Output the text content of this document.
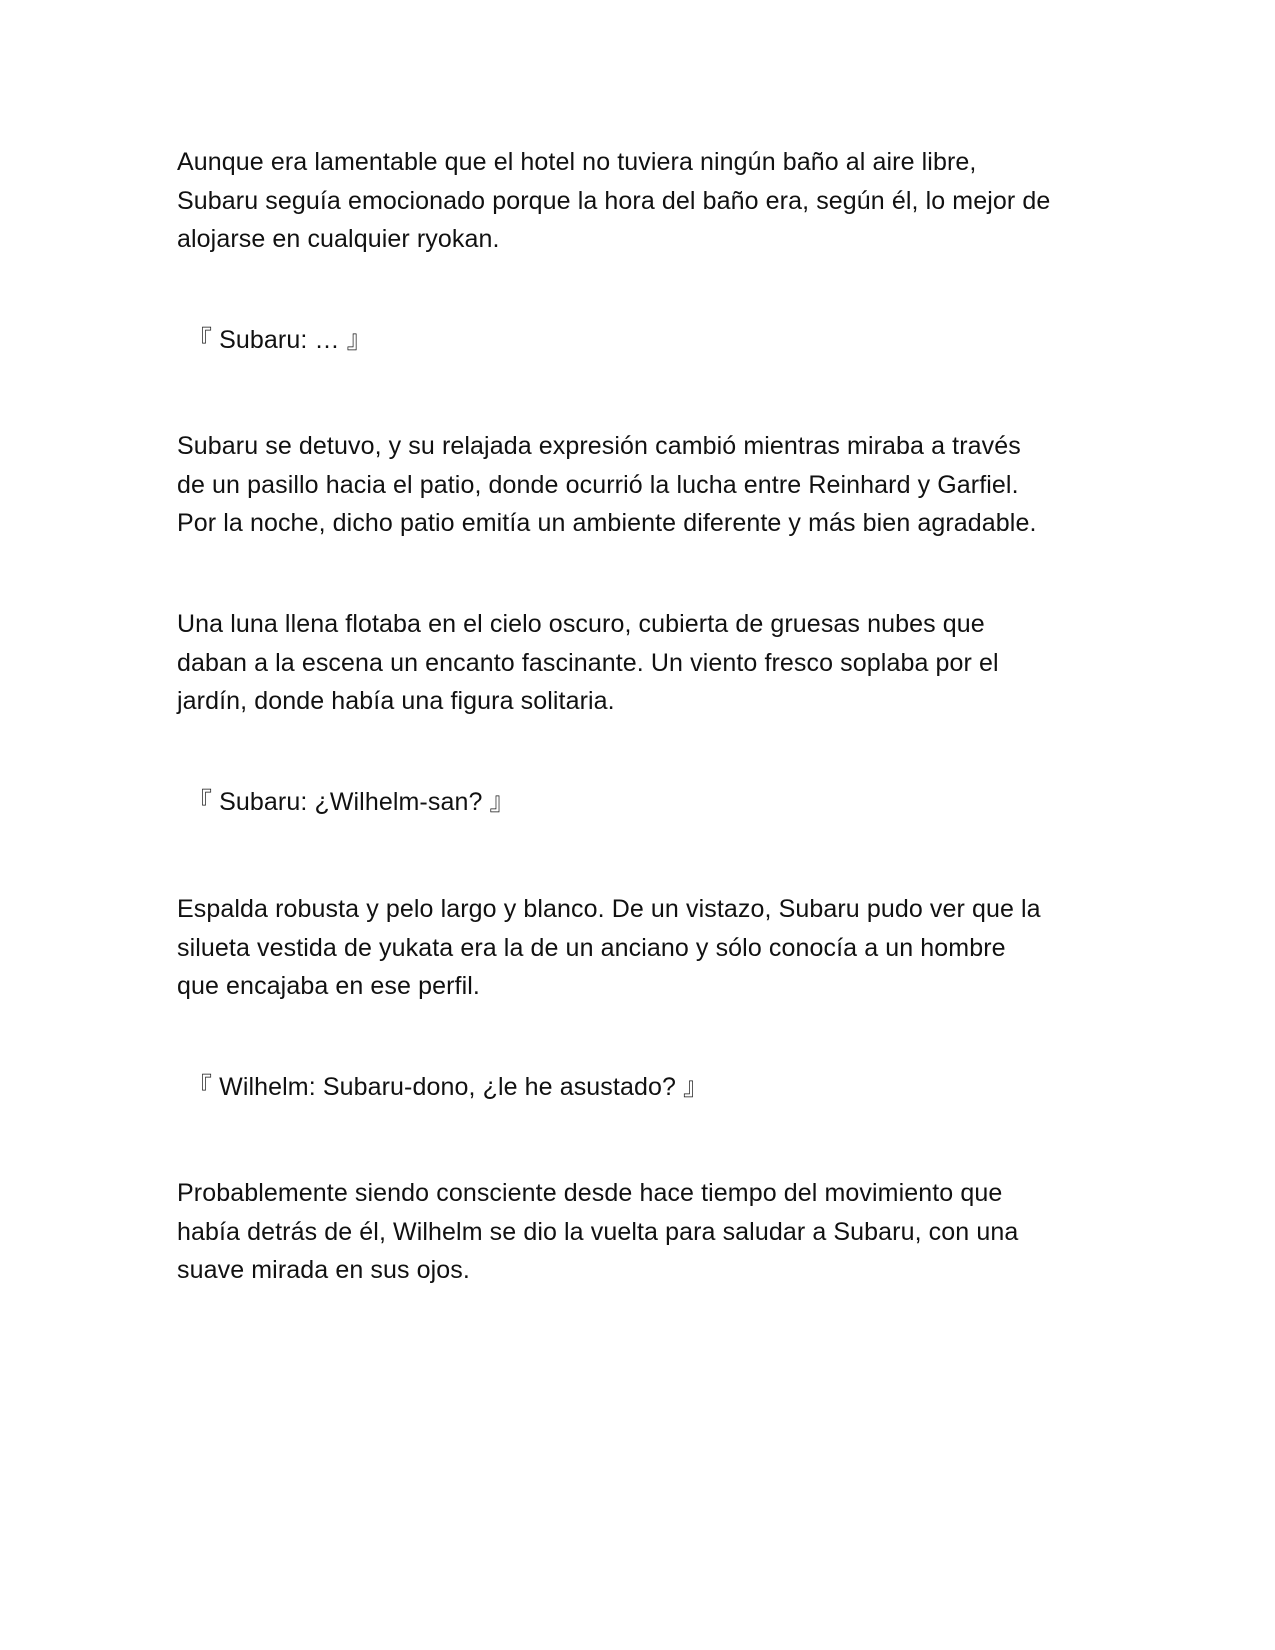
Aunque era lamentable que el hotel no tuviera ningún baño al aire libre,
Subaru seguía emocionado porque la hora del baño era, según él, lo mejor de
alojarse en cualquier ryokan.

『 Subaru: … 』

Subaru se detuvo, y su relajada expresión cambió mientras miraba a través
de un pasillo hacia el patio, donde ocurrió la lucha entre Reinhard y Garfiel.
Por la noche, dicho patio emitía un ambiente diferente y más bien agradable.

Una luna llena flotaba en el cielo oscuro, cubierta de gruesas nubes que
daban a la escena un encanto fascinante. Un viento fresco soplaba por el
jardín, donde había una figura solitaria.

『 Subaru: ¿Wilhelm-san? 』

Espalda robusta y pelo largo y blanco. De un vistazo, Subaru pudo ver que la
silueta vestida de yukata era la de un anciano y sólo conocía a un hombre
que encajaba en ese perfil.

『 Wilhelm: Subaru-dono, ¿le he asustado? 』

Probablemente siendo consciente desde hace tiempo del movimiento que
había detrás de él, Wilhelm se dio la vuelta para saludar a Subaru, con una
suave mirada en sus ojos.
